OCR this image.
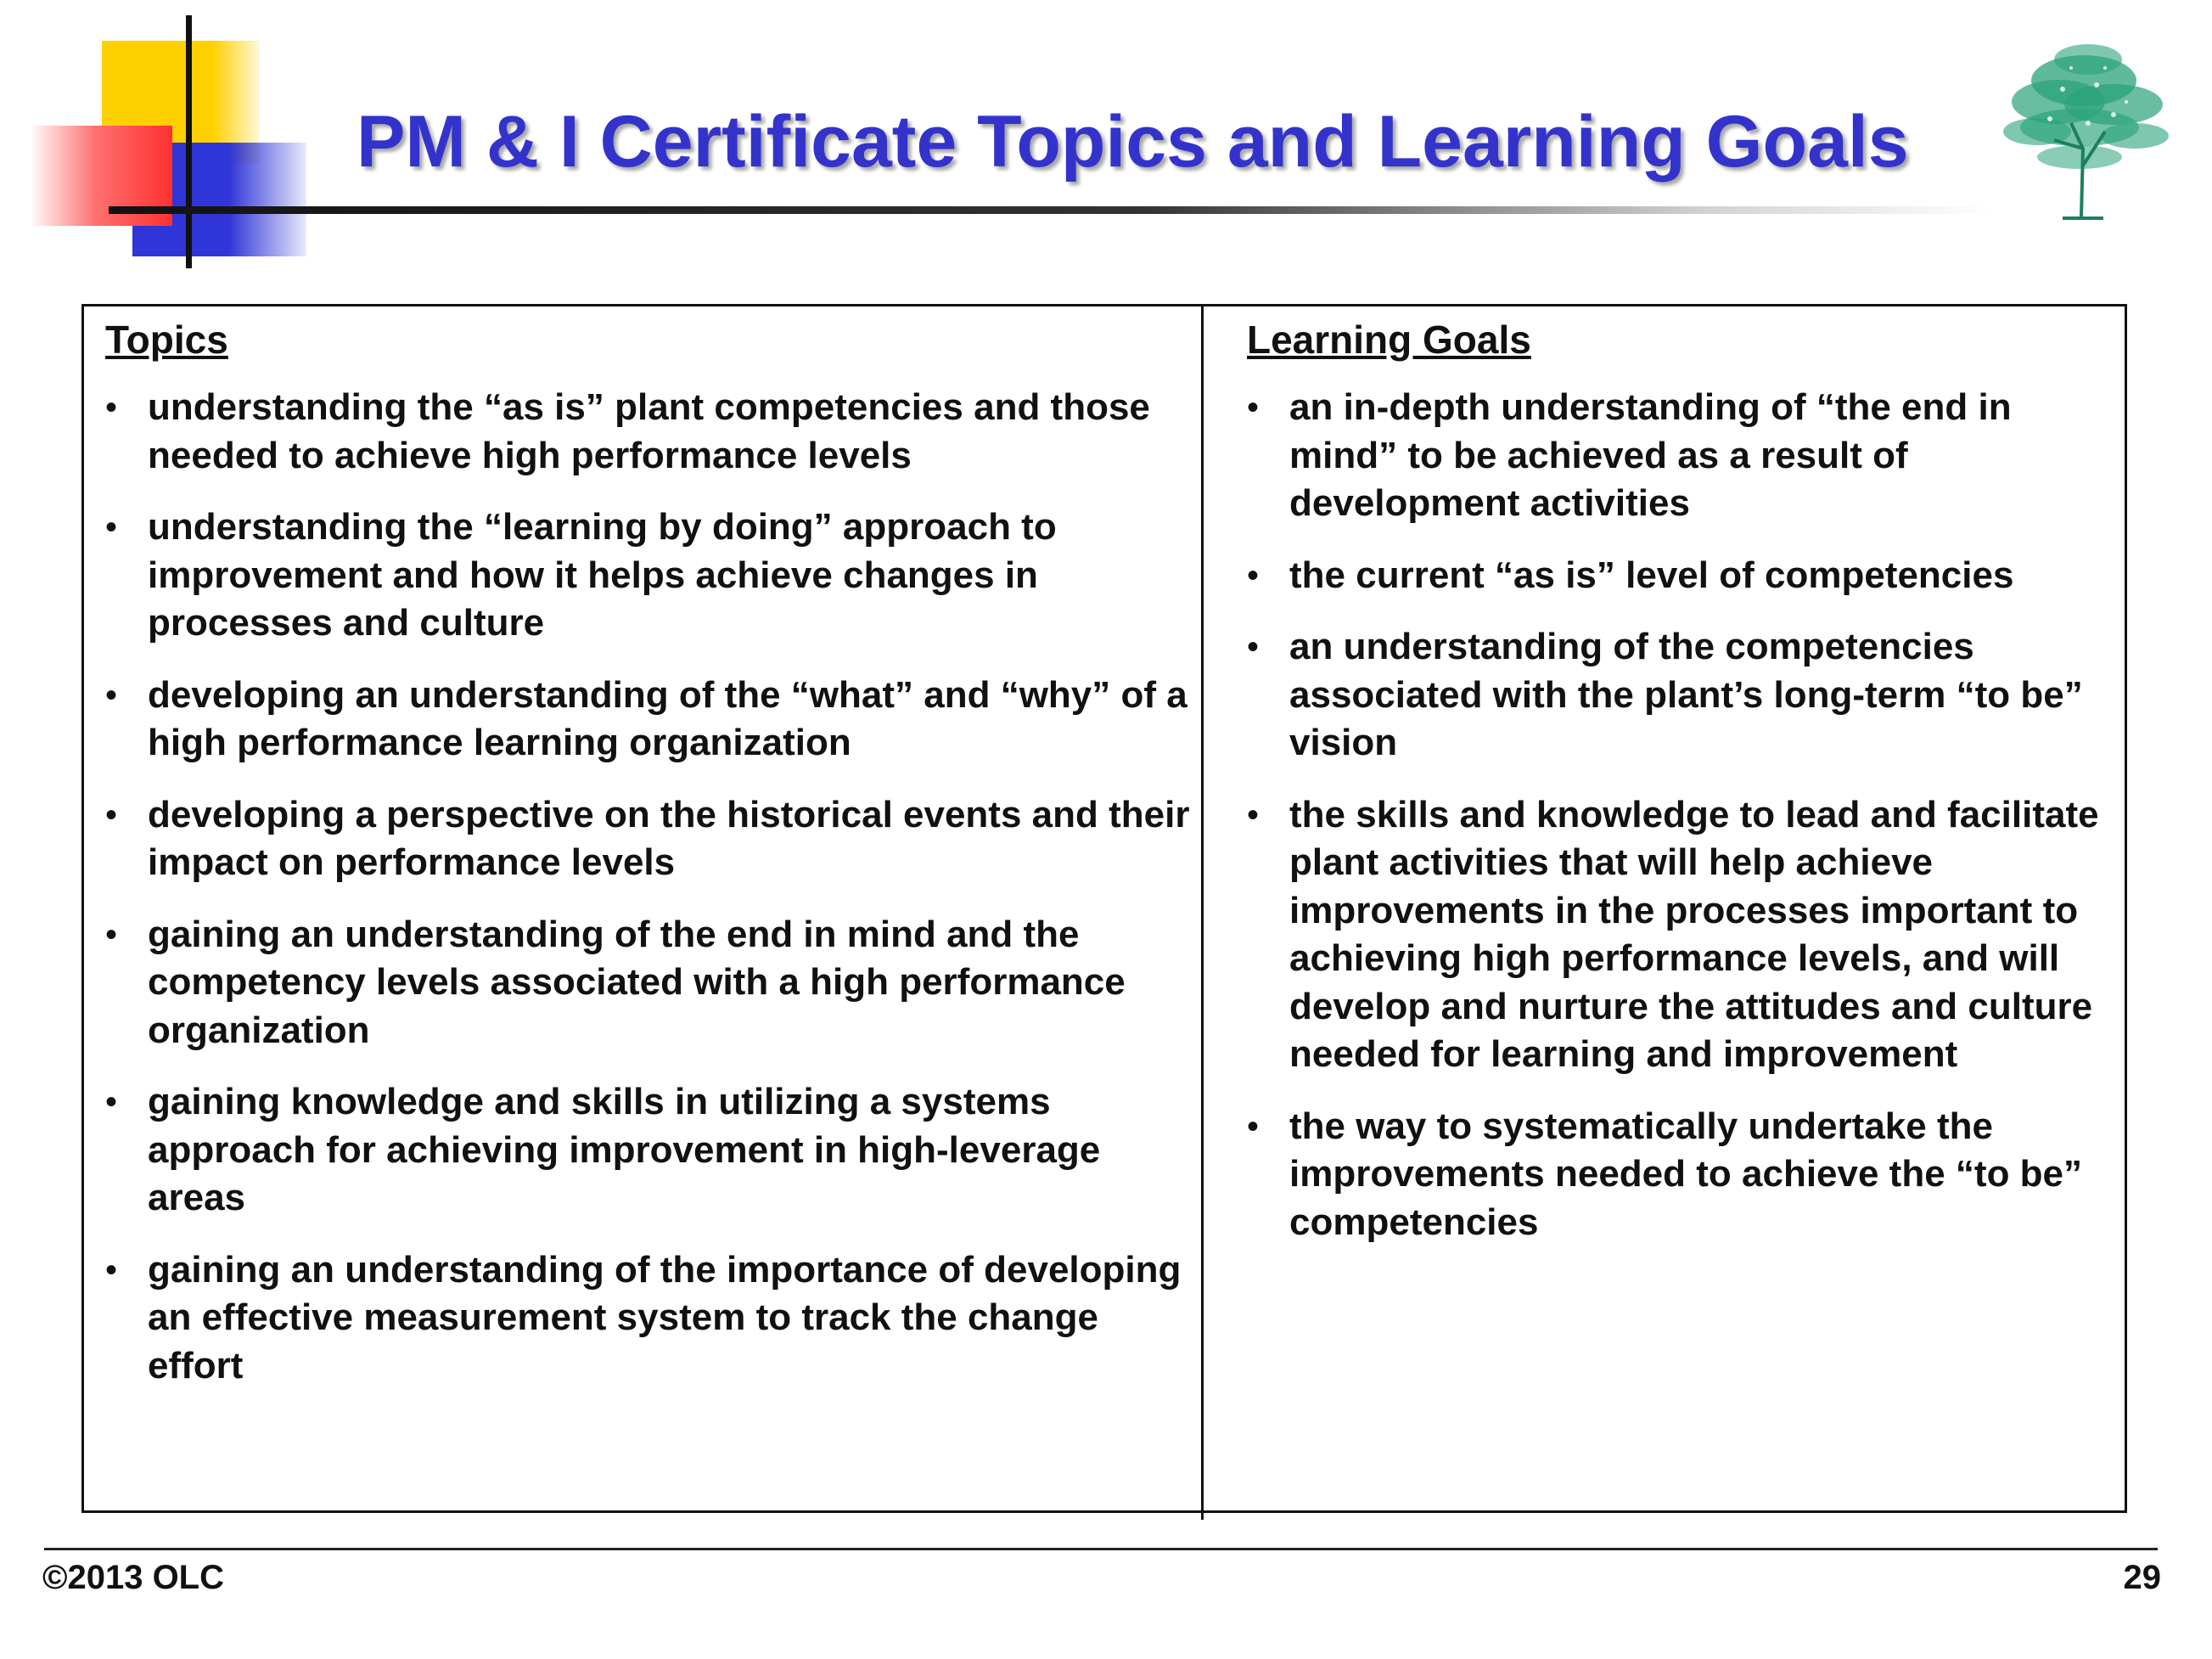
PM & I Certificate Topics and Learning Goals
Topics
• understanding the “as is” plant competencies and those needed to achieve high performance levels
• understanding the “learning by doing” approach to improvement and how it helps achieve changes in processes and culture
• developing an understanding of the “what” and “why” of a high performance learning organization
• developing a perspective on the historical events and their impact on performance levels
• gaining an understanding of the end in mind and the competency levels associated with a high performance organization
• gaining knowledge and skills in utilizing a systems approach for achieving improvement in high-leverage areas
• gaining an understanding of the importance of developing an effective measurement system to track the change effort
Learning Goals
• an in-depth understanding of “the end in mind” to be achieved as a result of development activities
• the current “as is” level of competencies
• an understanding of the competencies associated with the plant’s long-term “to be” vision
• the skills and knowledge to lead and facilitate plant activities that will help achieve improvements in the processes important to achieving high performance levels, and will develop and nurture the attitudes and culture needed for learning and improvement
• the way to systematically undertake the improvements needed to achieve the “to be” competencies
©2013 OLC	29
